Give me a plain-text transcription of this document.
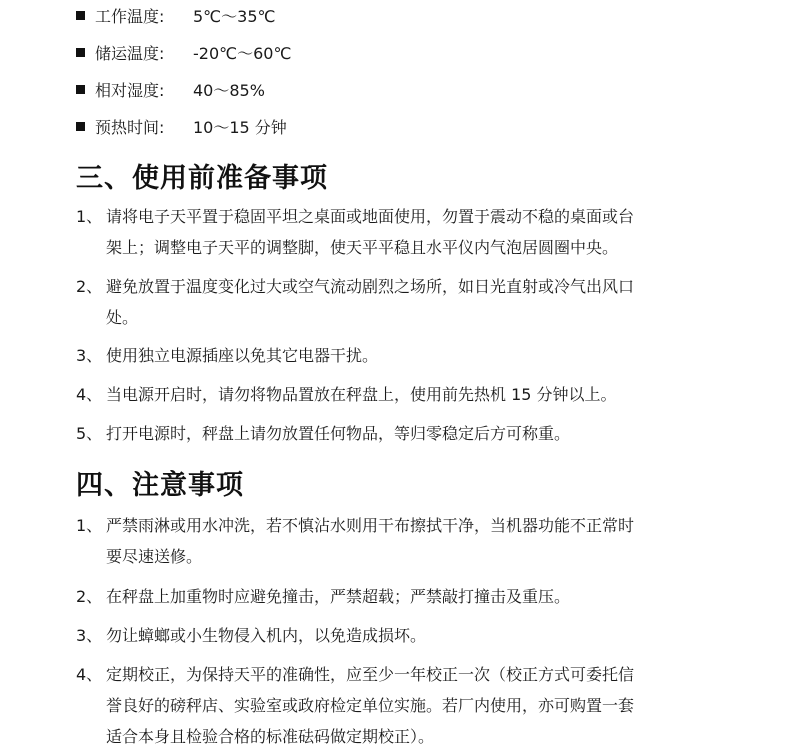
工作温度:	5℃～35℃
储运温度:	-20℃～60℃
相对湿度:	40～85%
预热时间:	10～15 分钟
三、使用前准备事项
1、 请将电子天平置于稳固平坦之桌面或地面使用，勿置于震动不稳的桌面或台
架上；调整电子天平的调整脚，使天平平稳且水平仪内气泡居圆圈中央。
2、 避免放置于温度变化过大或空气流动剧烈之场所，如日光直射或冷气出风口
处。
3、 使用独立电源插座以免其它电器干扰。
4、 当电源开启时，请勿将物品置放在秤盘上，使用前先热机 15 分钟以上。
5、 打开电源时，秤盘上请勿放置任何物品，等归零稳定后方可称重。
四、注意事项
1、 严禁雨淋或用水冲洗，若不慎沾水则用干布擦拭干净，当机器功能不正常时
要尽速送修。
2、 在秤盘上加重物时应避免撞击，严禁超载；严禁敲打撞击及重压。
3、 勿让蟑螂或小生物侵入机内，以免造成损坏。
4、 定期校正，为保持天平的准确性，应至少一年校正一次（校正方式可委托信
誉良好的磅秤店、实验室或政府检定单位实施。若厂内使用，亦可购置一套
适合本身且检验合格的标准砝码做定期校正）。
